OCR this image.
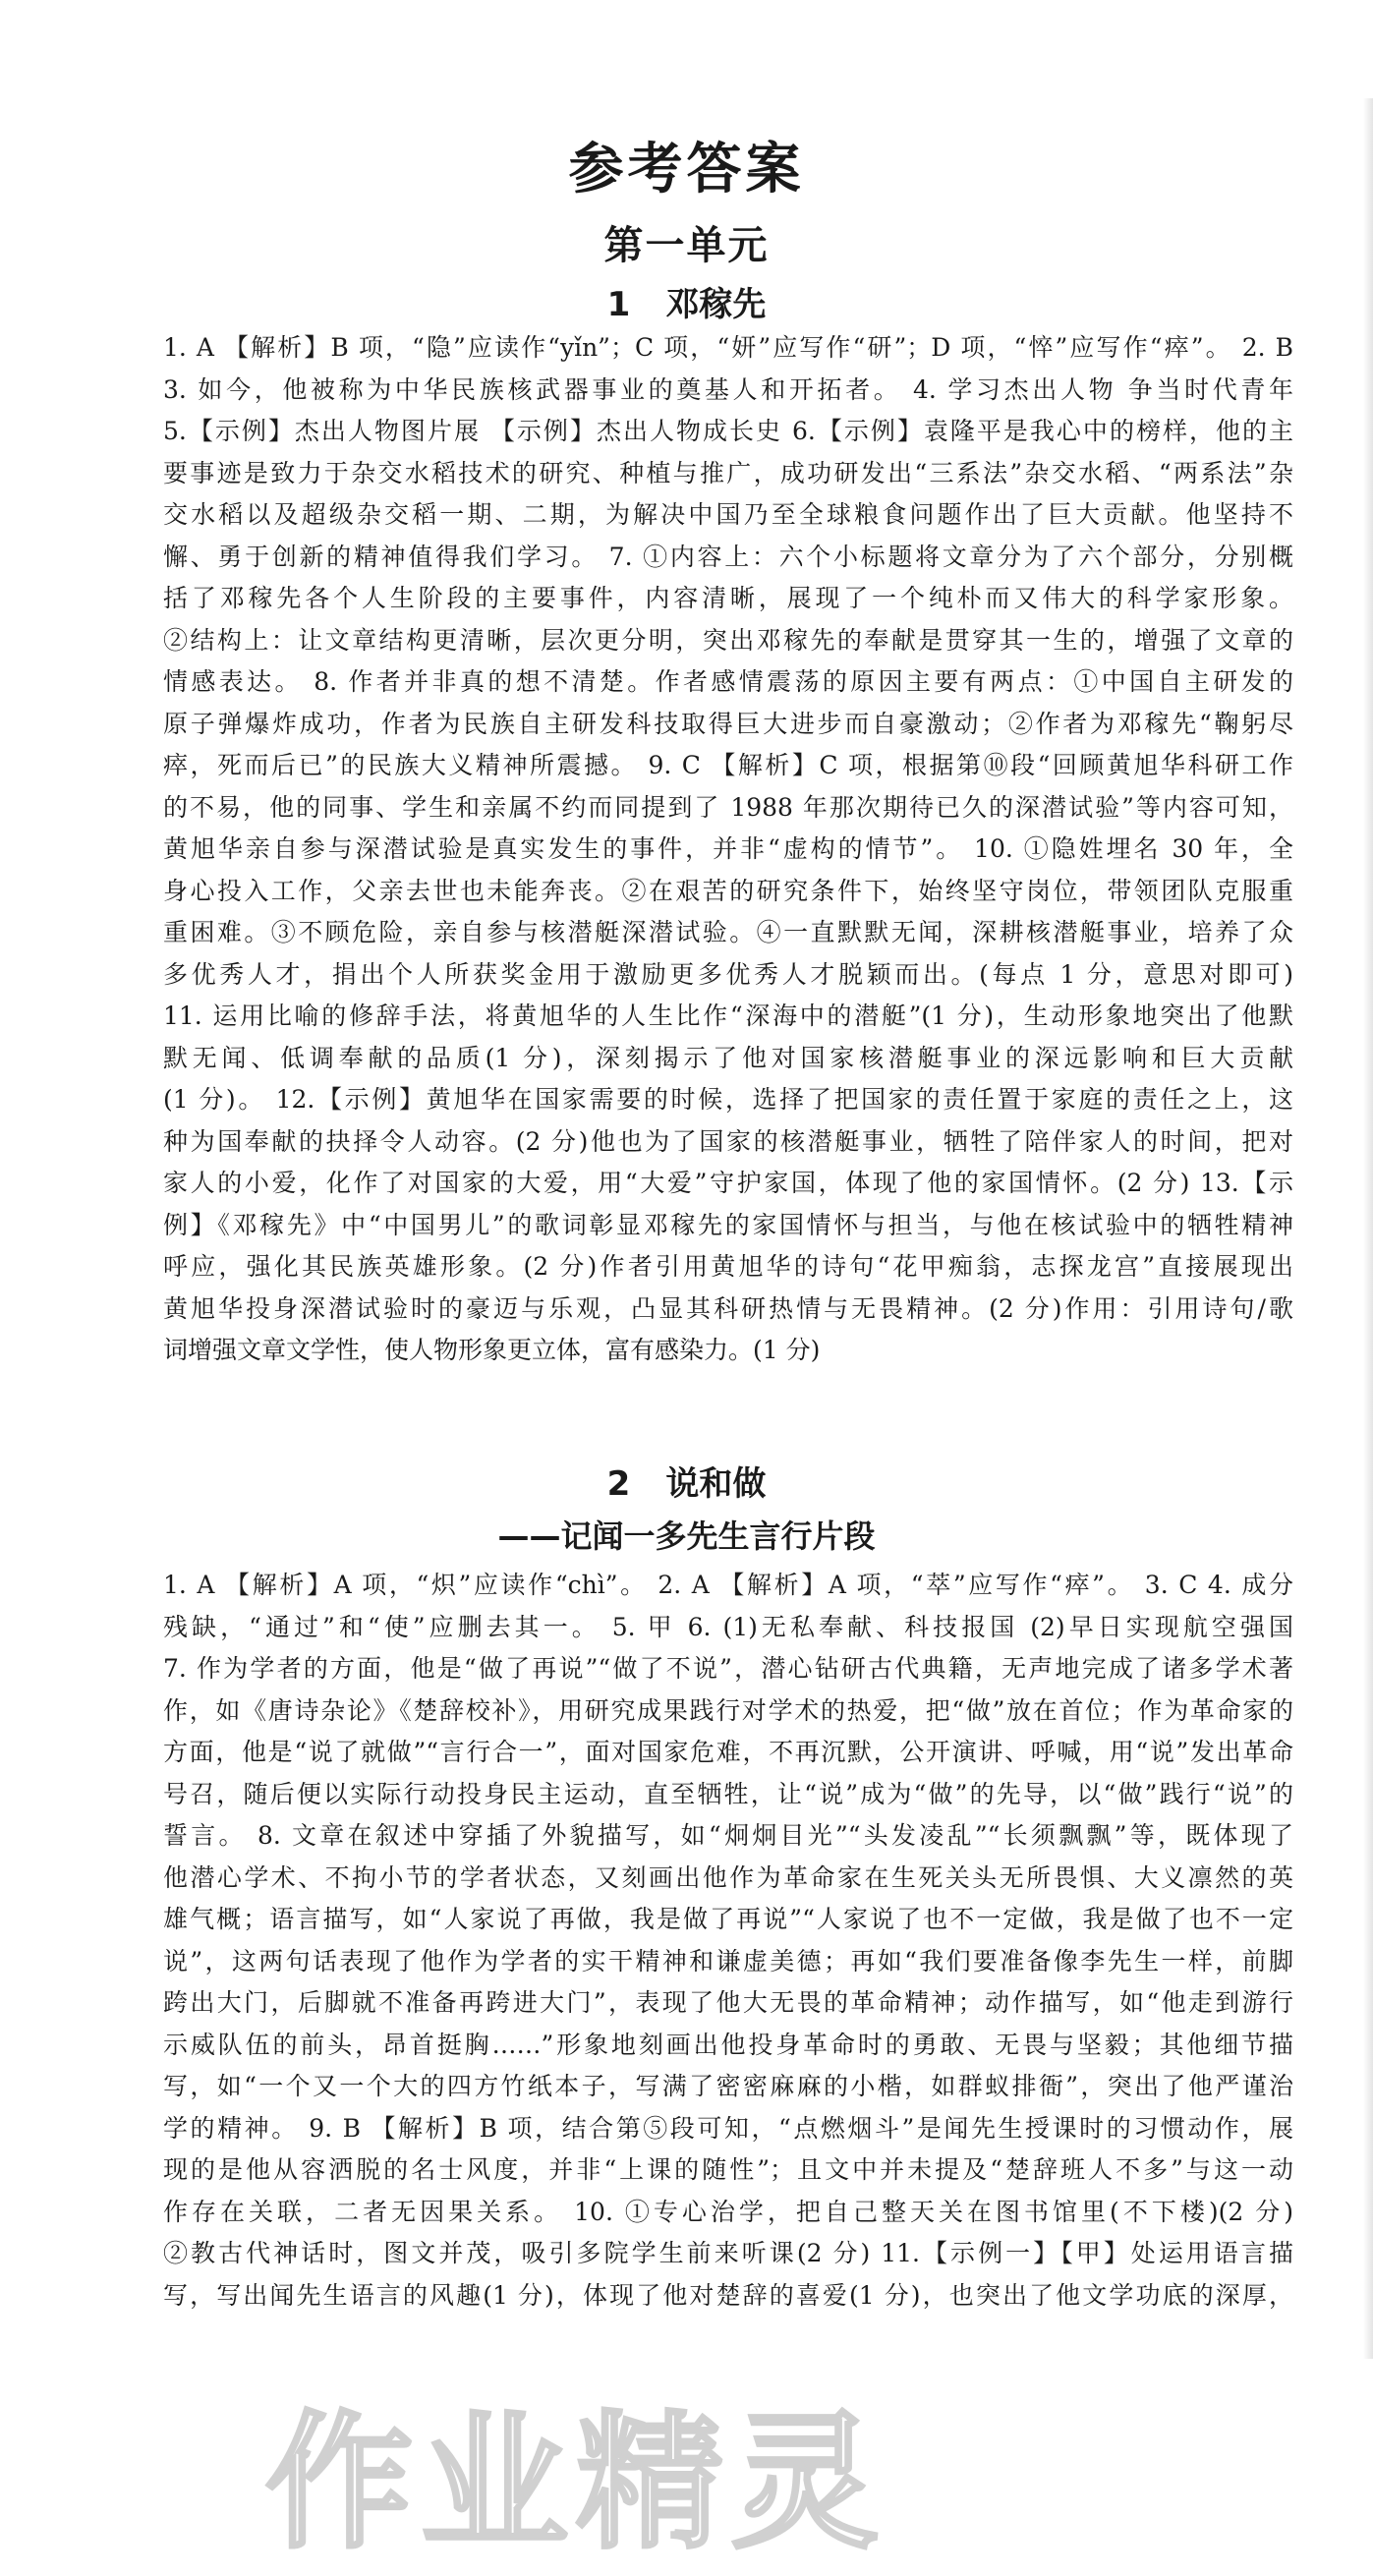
参考答案
第一单元
1 邓稼先
1. A 【解析】B 项，“隐”应读作“yǐn”；C 项，“妍”应写作“研”；D 项，“悴”应写作“瘁”。 2. B
3. 如今，他被称为中华民族核武器事业的奠基人和开拓者。 4. 学习杰出人物 争当时代青年
5.【示例】杰出人物图片展 【示例】杰出人物成长史 6.【示例】袁隆平是我心中的榜样，他的主
要事迹是致力于杂交水稻技术的研究、种植与推广，成功研发出“三系法”杂交水稻、“两系法”杂
交水稻以及超级杂交稻一期、二期，为解决中国乃至全球粮食问题作出了巨大贡献。他坚持不
懈、勇于创新的精神值得我们学习。 7. ①内容上：六个小标题将文章分为了六个部分，分别概
括了邓稼先各个人生阶段的主要事件，内容清晰，展现了一个纯朴而又伟大的科学家形象。
②结构上：让文章结构更清晰，层次更分明，突出邓稼先的奉献是贯穿其一生的，增强了文章的
情感表达。 8. 作者并非真的想不清楚。作者感情震荡的原因主要有两点：①中国自主研发的
原子弹爆炸成功，作者为民族自主研发科技取得巨大进步而自豪激动；②作者为邓稼先“鞠躬尽
瘁，死而后已”的民族大义精神所震撼。 9. C 【解析】C 项，根据第⑩段“回顾黄旭华科研工作
的不易，他的同事、学生和亲属不约而同提到了 1988 年那次期待已久的深潜试验”等内容可知，
黄旭华亲自参与深潜试验是真实发生的事件，并非“虚构的情节”。 10. ①隐姓埋名 30 年，全
身心投入工作，父亲去世也未能奔丧。②在艰苦的研究条件下，始终坚守岗位，带领团队克服重
重困难。③不顾危险，亲自参与核潜艇深潜试验。④一直默默无闻，深耕核潜艇事业，培养了众
多优秀人才，捐出个人所获奖金用于激励更多优秀人才脱颖而出。(每点 1 分，意思对即可)
11. 运用比喻的修辞手法，将黄旭华的人生比作“深海中的潜艇”(1 分)，生动形象地突出了他默
默无闻、低调奉献的品质(1 分)，深刻揭示了他对国家核潜艇事业的深远影响和巨大贡献
(1 分)。 12.【示例】黄旭华在国家需要的时候，选择了把国家的责任置于家庭的责任之上，这
种为国奉献的抉择令人动容。(2 分)他也为了国家的核潜艇事业，牺牲了陪伴家人的时间，把对
家人的小爱，化作了对国家的大爱，用“大爱”守护家国，体现了他的家国情怀。(2 分) 13.【示
例】《邓稼先》中“中国男儿”的歌词彰显邓稼先的家国情怀与担当，与他在核试验中的牺牲精神
呼应，强化其民族英雄形象。(2 分)作者引用黄旭华的诗句“花甲痴翁，志探龙宫”直接展现出
黄旭华投身深潜试验时的豪迈与乐观，凸显其科研热情与无畏精神。(2 分)作用：引用诗句/歌
词增强文章文学性，使人物形象更立体，富有感染力。(1 分)
2 说和做
——记闻一多先生言行片段
1. A 【解析】A 项，“炽”应读作“chì”。 2. A 【解析】A 项，“萃”应写作“瘁”。 3. C 4. 成分
残缺，“通过”和“使”应删去其一。 5. 甲 6. (1)无私奉献、科技报国 (2)早日实现航空强国
7. 作为学者的方面，他是“做了再说”“做了不说”，潜心钻研古代典籍，无声地完成了诸多学术著
作，如《唐诗杂论》《楚辞校补》，用研究成果践行对学术的热爱，把“做”放在首位；作为革命家的
方面，他是“说了就做”“言行合一”，面对国家危难，不再沉默，公开演讲、呼喊，用“说”发出革命
号召，随后便以实际行动投身民主运动，直至牺牲，让“说”成为“做”的先导，以“做”践行“说”的
誓言。 8. 文章在叙述中穿插了外貌描写，如“炯炯目光”“头发凌乱”“长须飘飘”等，既体现了
他潜心学术、不拘小节的学者状态，又刻画出他作为革命家在生死关头无所畏惧、大义凛然的英
雄气概；语言描写，如“人家说了再做，我是做了再说”“人家说了也不一定做，我是做了也不一定
说”，这两句话表现了他作为学者的实干精神和谦虚美德；再如“我们要准备像李先生一样，前脚
跨出大门，后脚就不准备再跨进大门”，表现了他大无畏的革命精神；动作描写，如“他走到游行
示威队伍的前头，昂首挺胸……”形象地刻画出他投身革命时的勇敢、无畏与坚毅；其他细节描
写，如“一个又一个大的四方竹纸本子，写满了密密麻麻的小楷，如群蚁排衙”，突出了他严谨治
学的精神。 9. B 【解析】B 项，结合第⑤段可知，“点燃烟斗”是闻先生授课时的习惯动作，展
现的是他从容洒脱的名士风度，并非“上课的随性”；且文中并未提及“楚辞班人不多”与这一动
作存在关联，二者无因果关系。 10. ①专心治学，把自己整天关在图书馆里(不下楼)(2 分)
②教古代神话时，图文并茂，吸引多院学生前来听课(2 分) 11.【示例一】【甲】处运用语言描
写，写出闻先生语言的风趣(1 分)，体现了他对楚辞的喜爱(1 分)，也突出了他文学功底的深厚，
作业精灵
